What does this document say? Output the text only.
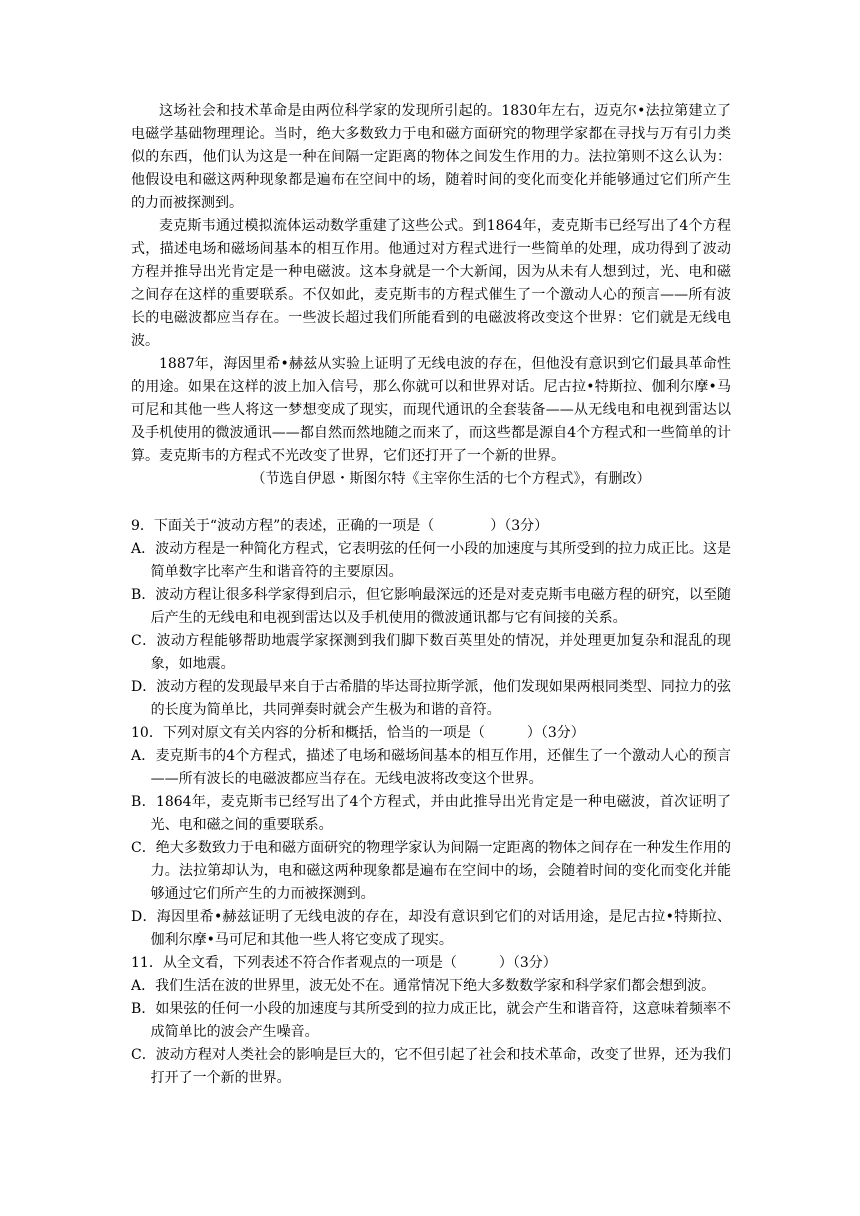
这场社会和技术革命是由两位科学家的发现所引起的。1830年左右，迈克尔•法拉第建立了电磁学基础物理理论。当时，绝大多数致力于电和磁方面研究的物理学家都在寻找与万有引力类似的东西，他们认为这是一种在间隔一定距离的物体之间发生作用的力。法拉第则不这么认为：他假设电和磁这两种现象都是遍布在空间中的场，随着时间的变化而变化并能够通过它们所产生的力而被探测到。

麦克斯韦通过模拟流体运动数学重建了这些公式。到1864年，麦克斯韦已经写出了4个方程式，描述电场和磁场间基本的相互作用。他通过对方程式进行一些简单的处理，成功得到了波动方程并推导出光肯定是一种电磁波。这本身就是一个大新闻，因为从未有人想到过，光、电和磁之间存在这样的重要联系。不仅如此，麦克斯韦的方程式催生了一个激动人心的预言——所有波长的电磁波都应当存在。一些波长超过我们所能看到的电磁波将改变这个世界：它们就是无线电波。

1887年，海因里希•赫兹从实验上证明了无线电波的存在，但他没有意识到它们最具革命性的用途。如果在这样的波上加入信号，那么你就可以和世界对话。尼古拉•特斯拉、伽利尔摩•马可尼和其他一些人将这一梦想变成了现实，而现代通讯的全套装备——从无线电和电视到雷达以及手机使用的微波通讯——都自然而然地随之而来了，而这些都是源自4个方程式和一些简单的计算。麦克斯韦的方程式不光改变了世界，它们还打开了一个新的世界。

（节选自伊恩・斯图尔特《主宰你生活的七个方程式》，有删改）

9．下面关于“波动方程”的表述，正确的一项是（　　　　）（3分）

A．波动方程是一种简化方程式，它表明弦的任何一小段的加速度与其所受到的拉力成正比。这是简单数字比率产生和谐音符的主要原因。

B．波动方程让很多科学家得到启示，但它影响最深远的还是对麦克斯韦电磁方程的研究，以至随后产生的无线电和电视到雷达以及手机使用的微波通讯都与它有间接的关系。

C．波动方程能够帮助地震学家探测到我们脚下数百英里处的情况，并处理更加复杂和混乱的现象，如地震。

D．波动方程的发现最早来自于古希腊的毕达哥拉斯学派，他们发现如果两根同类型、同拉力的弦的长度为简单比，共同弹奏时就会产生极为和谐的音符。

10．下列对原文有关内容的分析和概括，恰当的一项是（　　　）（3分）

A．麦克斯韦的4个方程式，描述了电场和磁场间基本的相互作用，还催生了一个激动人心的预言——所有波长的电磁波都应当存在。无线电波将改变这个世界。

B．1864年，麦克斯韦已经写出了4个方程式，并由此推导出光肯定是一种电磁波，首次证明了光、电和磁之间的重要联系。

C．绝大多数致力于电和磁方面研究的物理学家认为间隔一定距离的物体之间存在一种发生作用的力。法拉第却认为，电和磁这两种现象都是遍布在空间中的场，会随着时间的变化而变化并能够通过它们所产生的力而被探测到。

D．海因里希•赫兹证明了无线电波的存在，却没有意识到它们的对话用途，是尼古拉•特斯拉、伽利尔摩•马可尼和其他一些人将它变成了现实。

11．从全文看，下列表述不符合作者观点的一项是（　　　）（3分）

A．我们生活在波的世界里，波无处不在。通常情况下绝大多数数学家和科学家们都会想到波。

B．如果弦的任何一小段的加速度与其所受到的拉力成正比，就会产生和谐音符，这意味着频率不成简单比的波会产生噪音。

C．波动方程对人类社会的影响是巨大的，它不但引起了社会和技术革命，改变了世界，还为我们打开了一个新的世界。
